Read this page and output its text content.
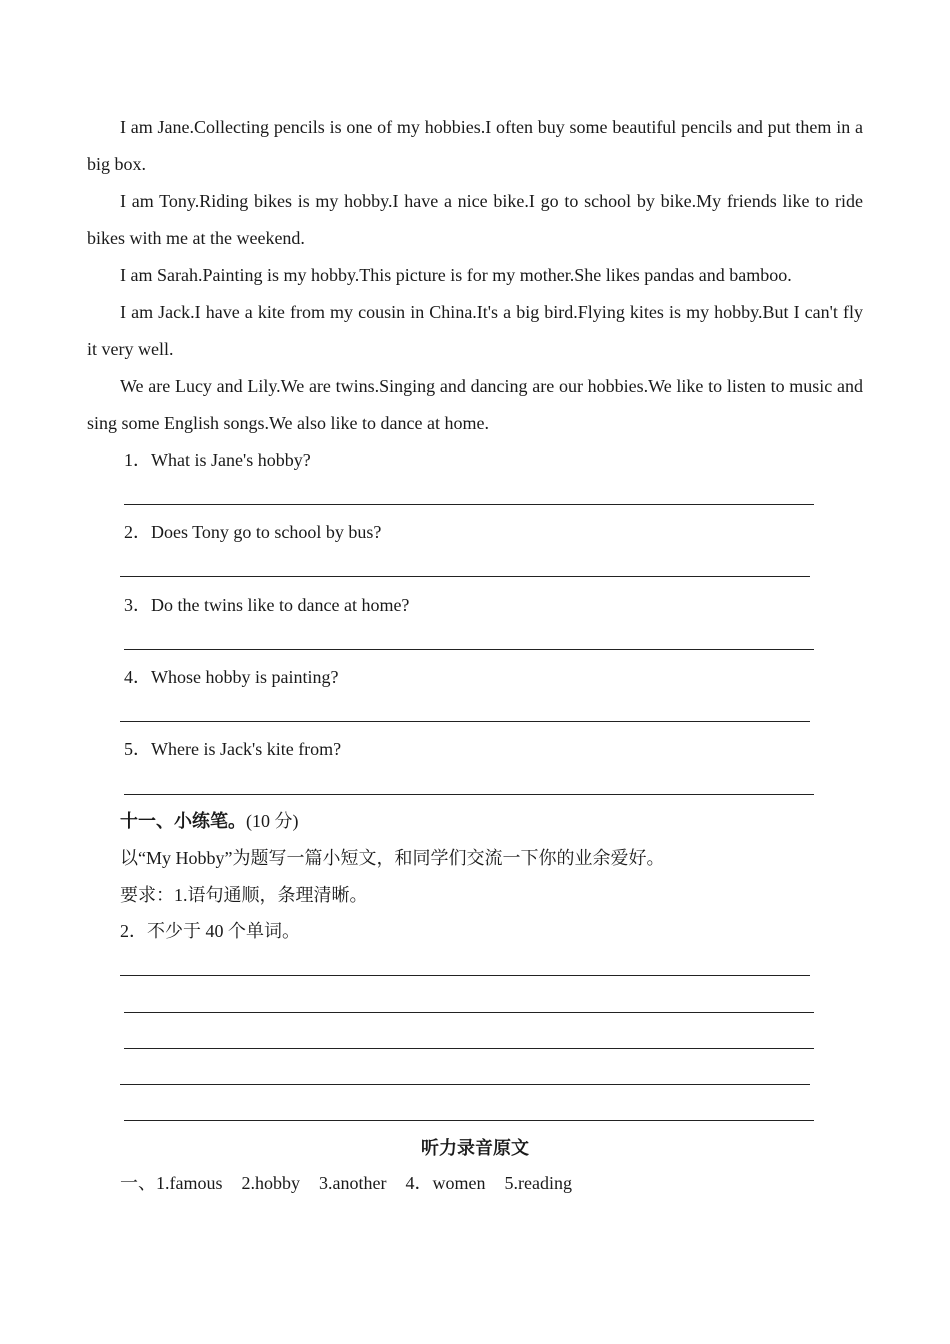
I am Jane.Collecting pencils is one of my hobbies.I often buy some beautiful pencils and put them in a big box.

I am Tony.Riding bikes is my hobby.I have a nice bike.I go to school by bike.My friends like to ride bikes with me at the weekend.

I am Sarah.Painting is my hobby.This picture is for my mother.She likes pandas and bamboo.

I am Jack.I have a kite from my cousin in China.It's a big bird.Flying kites is my hobby.But I can't fly it very well.

We are Lucy and Lily.We are twins.Singing and dancing are our hobbies.We like to listen to music and sing some English songs.We also like to dance at home.

1．What is Jane's hobby?

2．Does Tony go to school by bus?

3．Do the twins like to dance at home?

4．Whose hobby is painting?

5．Where is Jack's kite from?

十一、小练笔。(10 分)

以“My Hobby”为题写一篇小短文，和同学们交流一下你的业余爱好。

要求：1.语句通顺，条理清晰。

2．不少于 40 个单词。

听力录音原文

一、1.famous 2.hobby 3.another 4．women 5.reading
